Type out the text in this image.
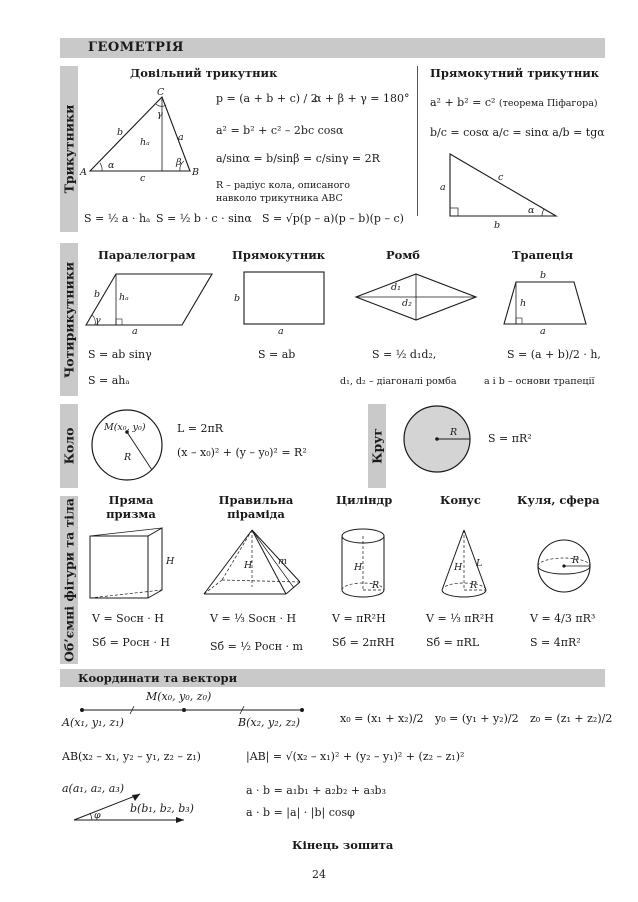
ГЕОМЕТРІЯ
Трикутники
Чотирикутники
Коло	Круг
Об’ємні фігури та тіла
Довільний трикутник
A	B
C
b	a
c
hₐ
α	β
γ
p = (a + b + c) / 2
α + β + γ = 180°
a² = b² + c² – 2bc cosα
a/sinα = b/sinβ = c/sinγ = 2R
R – радіус кола, описаного
навколо трикутника ABC
S = ½ a · hₐ S = ½ b · c · sinα S = √p(p – a)(p – b)(p – c)
Прямокутний трикутник
a² + b² = c² (теорема Піфагора)
b/c = cosα a/c = sinα a/b = tgα
a
c
b
α
Паралелограм	Прямокутник	Ромб	Трапеція
b hₐ
a
γ
b
a
d₁
d₂
b
h
a
S = ab sinγ
S = ahₐ
S = ab	S = ½ d₁d₂,
d₁, d₂ – діагоналі ромба
S = (a + b)/2 · h,
a і b – основи трапеції
M(x₀, y₀)
R
L = 2πR
(x – x₀)² + (y – y₀)² = R²
R	S = πR²
Пряма
призма
Правильна
піраміда
Циліндр	Конус	Куля, сфера
H	H	m
H
R
H L
R
R
V = Sосн · H
Sб = Pосн · H
V = ⅓ Sосн · H
Sб = ½ Pосн · m
V = πR²H
Sб = 2πRH
V = ⅓ πR²H
Sб = πRL
V = 4/3 πR³
S = 4πR²
Координати та вектори
M(x₀, y₀, z₀)
A(x₁, y₁, z₁)	B(x₂, y₂, z₂)	x₀ = (x₁ + x₂)/2 y₀ = (y₁ + y₂)/2 z₀ = (z₁ + z₂)/2
AB(x₂ – x₁, y₂ – y₁, z₂ – z₁)	|AB| = √(x₂ – x₁)² + (y₂ – y₁)² + (z₂ – z₁)²
a(a₁, a₂, a₃)
φ
b(b₁, b₂, b₃)
a · b = a₁b₁ + a₂b₂ + a₃b₃
a · b = |a| · |b| cosφ
Кінець зошита
24
